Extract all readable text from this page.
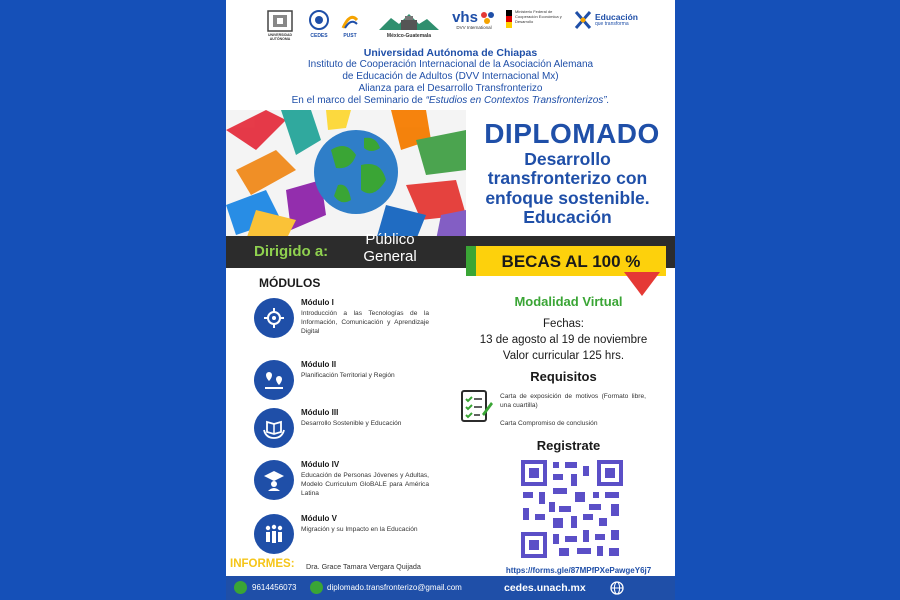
UNIVERSIDAD AUTÓNOMA	CEDES	PUST	México-Guatemala
vhs
DVV International
Ministerio Federal de Cooperación Económica y Desarrollo	Educación
que transforma
Universidad Autónoma de Chiapas
Instituto de Cooperación Internacional de la Asociación Alemana
de Educación de Adultos (DVV Internacional Mx)
Alianza para el Desarrollo Transfronterizo
En el marco del Seminario de “Estudios en Contextos Transfronterizos”.
DIPLOMADO
Desarrollo
transfronterizo con
enfoque sostenible.
Educación
Dirigido a:
Público
General	BECAS AL 100 %
MÓDULOS
Módulo I
Introducción a las Tecnologías de la Información, Comunicación y Aprendizaje Digital
Módulo II
Planificación Territorial y Región
Módulo III
Desarrollo Sostenible y Educación
Módulo IV
Educación de Personas Jóvenes y Adultas, Modelo Curriculum GloBALE para América Latina
Módulo V
Migración y su Impacto en la Educación
Modalidad Virtual
Fechas:
13 de agosto al 19 de noviembre
Valor curricular 125 hrs.
Requisitos
Carta de exposición de motivos (Formato libre, una cuartilla)
Carta Compromiso de conclusión
Registrate
https://forms.gle/87MPfPXePawgeY6j7
INFORMES: Dra. Grace Tamara Vergara Quijada
9614456073	diplomado.transfronterizo@gmail.com	cedes.unach.mx
